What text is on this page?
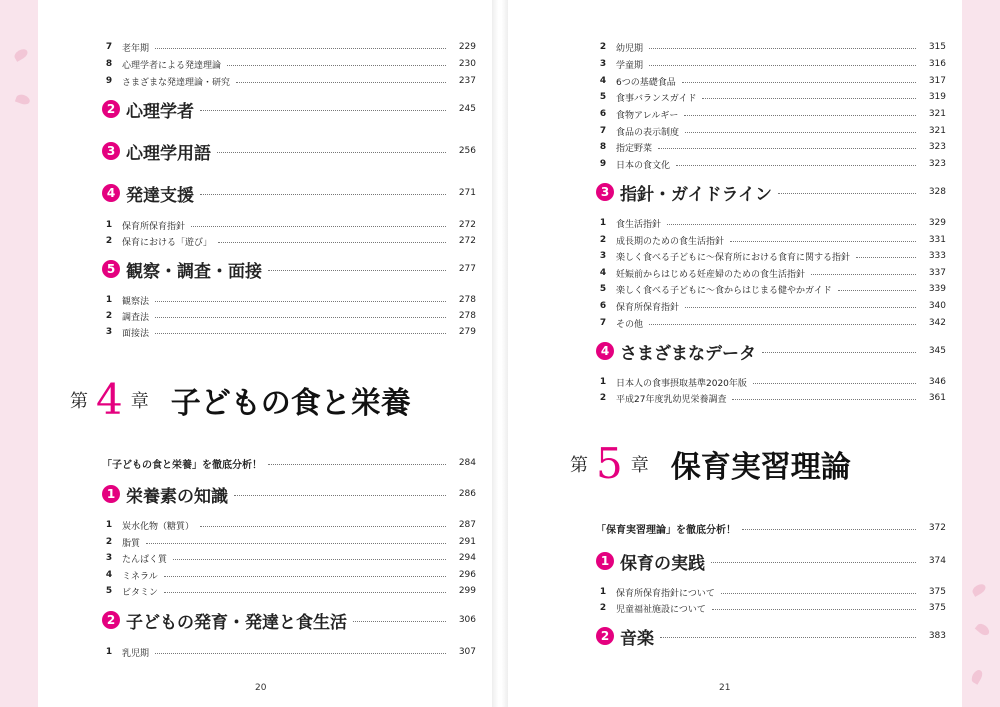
7	老年期	229
8	心理学者による発達理論	230
9	さまざまな発達理論・研究	237
2 心理学者	245
3 心理学用語	256
4 発達支援	271
1	保育所保育指針	272
2	保育における「遊び」	272
5 観察・調査・面接	277
1	観察法	278
2	調査法	278
3	面接法	279
第 4 章 子どもの食と栄養
「子どもの食と栄養」を徹底分析！	284
1 栄養素の知識	286
1	炭水化物（糖質）	287
2	脂質	291
3	たんぱく質	294
4	ミネラル	296
5	ビタミン	299
2 子どもの発育・発達と食生活	306
1	乳児期	307
20
2	幼児期	315
3	学童期	316
4	6つの基礎食品	317
5	食事バランスガイド	319
6	食物アレルギー	321
7	食品の表示制度	321
8	指定野菜	323
9	日本の食文化	323
3 指針・ガイドライン	328
1	食生活指針	329
2	成長期のための食生活指針	331
3	楽しく食べる子どもに～保育所における食育に関する指針	333
4	妊娠前からはじめる妊産婦のための食生活指針	337
5	楽しく食べる子どもに～食からはじまる健やかガイド	339
6	保育所保育指針	340
7	その他	342
4 さまざまなデータ	345
1	日本人の食事摂取基準2020年版	346
2	平成27年度乳幼児栄養調査	361
第 5 章 保育実習理論
「保育実習理論」を徹底分析！	372
1 保育の実践	374
1	保育所保育指針について	375
2	児童福祉施設について	375
2 音楽	383
21
